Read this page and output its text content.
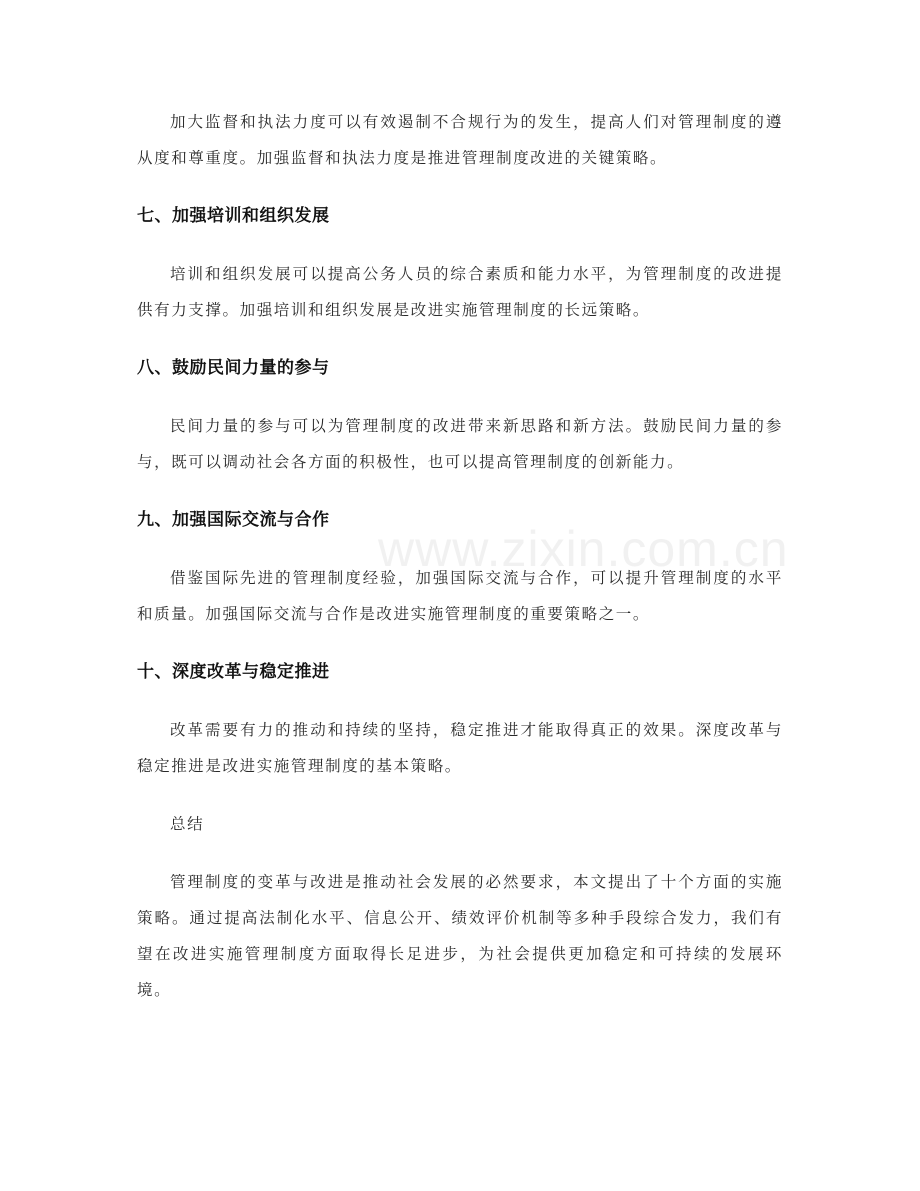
加大监督和执法力度可以有效遏制不合规行为的发生，提高人们对管理制度的遵从度和尊重度。加强监督和执法力度是推进管理制度改进的关键策略。

七、加强培训和组织发展

培训和组织发展可以提高公务人员的综合素质和能力水平，为管理制度的改进提供有力支撑。加强培训和组织发展是改进实施管理制度的长远策略。

八、鼓励民间力量的参与

民间力量的参与可以为管理制度的改进带来新思路和新方法。鼓励民间力量的参与，既可以调动社会各方面的积极性，也可以提高管理制度的创新能力。

九、加强国际交流与合作

借鉴国际先进的管理制度经验，加强国际交流与合作，可以提升管理制度的水平和质量。加强国际交流与合作是改进实施管理制度的重要策略之一。

十、深度改革与稳定推进

改革需要有力的推动和持续的坚持，稳定推进才能取得真正的效果。深度改革与稳定推进是改进实施管理制度的基本策略。

总结

管理制度的变革与改进是推动社会发展的必然要求，本文提出了十个方面的实施策略。通过提高法制化水平、信息公开、绩效评价机制等多种手段综合发力，我们有望在改进实施管理制度方面取得长足进步，为社会提供更加稳定和可持续的发展环境。

www.zixin.com.cn
